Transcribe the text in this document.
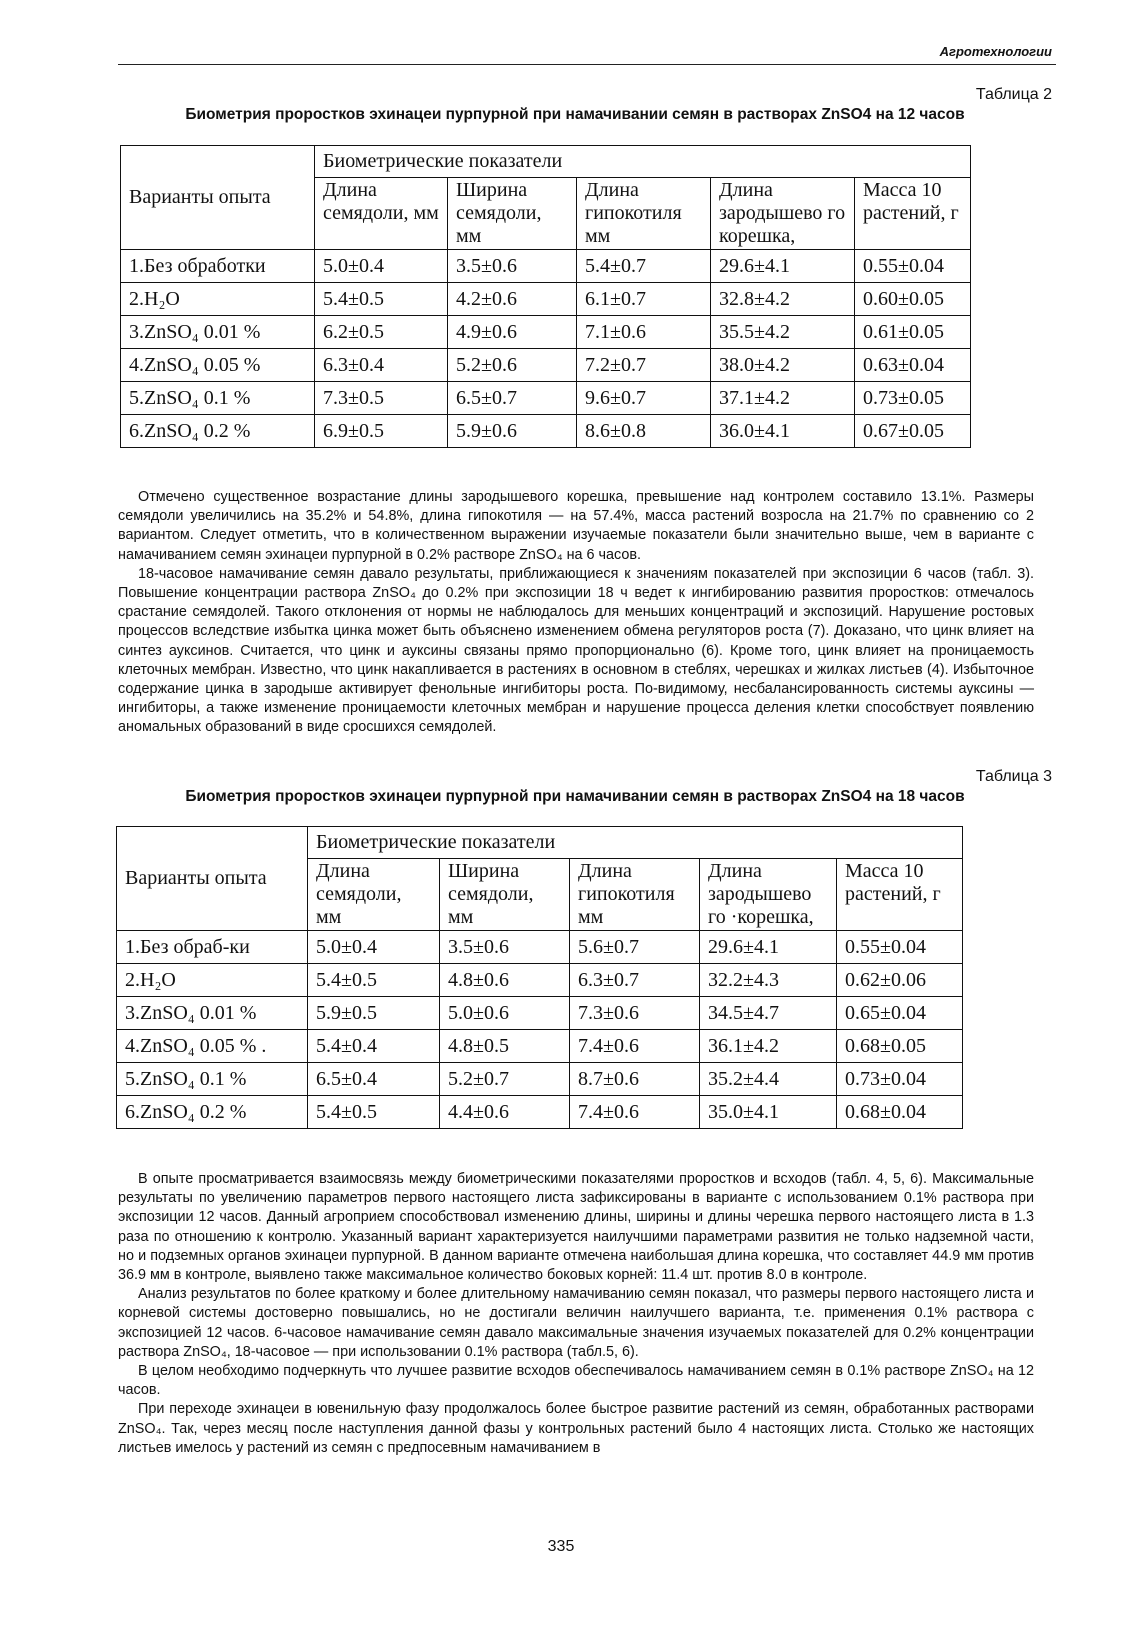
Агротехнологии
Таблица 2
Биометрия проростков эхинацеи пурпурной при намачивании семян в растворах ZnSO4 на 12 часов
Варианты опыта	Биометрические показатели				
	Длина семядоли, мм	Ширина семядоли, мм	Длина гипокотиля мм	Длина зародышево го корешка,	Масса 10 растений, г
1.Без обработки	5.0±0.4	3.5±0.6	5.4±0.7	29.6±4.1	0.55±0.04
2.H₂O	5.4±0.5	4.2±0.6	6.1±0.7	32.8±4.2	0.60±0.05
3.ZnSO₄ 0.01 %	6.2±0.5	4.9±0.6	7.1±0.6	35.5±4.2	0.61±0.05
4.ZnSO₄ 0.05 %	6.3±0.4	5.2±0.6	7.2±0.7	38.0±4.2	0.63±0.04
5.ZnSO₄ 0.1 %	7.3±0.5	6.5±0.7	9.6±0.7	37.1±4.2	0.73±0.05
6.ZnSO₄ 0.2 %	6.9±0.5	5.9±0.6	8.6±0.8	36.0±4.1	0.67±0.05

Отмечено существенное возрастание длины зародышевого корешка, превышение над контролем составило 13.1%. Размеры семядоли увеличились на 35.2% и 54.8%, длина гипокотиля — на 57.4%, масса растений возросла на 21.7% по сравнению со 2 вариантом. Следует отметить, что в количественном выражении изучаемые показатели были значительно выше, чем в варианте с намачиванием семян эхинацеи пурпурной в 0.2% растворе ZnSO₄ на 6 часов.

18-часовое намачивание семян давало результаты, приближающиеся к значениям показателей при экспозиции 6 часов (табл. 3). Повышение концентрации раствора ZnSO₄ до 0.2% при экспозиции 18 ч ведет к ингибированию развития проростков: отмечалось срастание семядолей. Такого отклонения от нормы не наблюдалось для меньших концентраций и экспозиций. Нарушение ростовых процессов вследствие избытка цинка может быть объяснено изменением обмена регуляторов роста (7). Доказано, что цинк влияет на синтез ауксинов. Считается, что цинк и ауксины связаны прямо пропорционально (6). Кроме того, цинк влияет на проницаемость клеточных мембран. Известно, что цинк накапливается в растениях в основном в стеблях, черешках и жилках листьев (4). Избыточное содержание цинка в зародыше активирует фенольные ингибиторы роста. По-видимому, несбалансированность системы ауксины — ингибиторы, а также изменение проницаемости клеточных мембран и нарушение процесса деления клетки способствует появлению аномальных образований в виде сросшихся семядолей.

Таблица 3
Биометрия проростков эхинацеи пурпурной при намачивании семян в растворах ZnSO4 на 18 часов
Варианты опыта	Биометрические показатели				
	Длина семядоли, мм	Ширина семядоли, мм	Длина гипокотиля мм	Длина зародышево го ·корешка,	Масса 10 растений, г
1.Без обраб-ки	5.0±0.4	3.5±0.6	5.6±0.7	29.6±4.1	0.55±0.04
2.H₂O	5.4±0.5	4.8±0.6	6.3±0.7	32.2±4.3	0.62±0.06
3.ZnSO₄ 0.01 %	5.9±0.5	5.0±0.6	7.3±0.6	34.5±4.7	0.65±0.04
4.ZnSO₄ 0.05 % .	5.4±0.4	4.8±0.5	7.4±0.6	36.1±4.2	0.68±0.05
5.ZnSO₄ 0.1 %	6.5±0.4	5.2±0.7	8.7±0.6	35.2±4.4	0.73±0.04
6.ZnSO₄ 0.2 %	5.4±0.5	4.4±0.6	7.4±0.6	35.0±4.1	0.68±0.04

В опыте просматривается взаимосвязь между биометрическими показателями проростков и всходов (табл. 4, 5, 6). Максимальные результаты по увеличению параметров первого настоящего листа зафиксированы в варианте с использованием 0.1% раствора при экспозиции 12 часов. Данный агроприем способствовал изменению длины, ширины и длины черешка первого настоящего листа в 1.3 раза по отношению к контролю. Указанный вариант характеризуется наилучшими параметрами развития не только надземной части, но и подземных органов эхинацеи пурпурной. В данном варианте отмечена наибольшая длина корешка, что составляет 44.9 мм против 36.9 мм в контроле, выявлено также максимальное количество боковых корней: 11.4 шт. против 8.0 в контроле.

Анализ результатов по более краткому и более длительному намачиванию семян показал, что размеры первого настоящего листа и корневой системы достоверно повышались, но не достигали величин наилучшего варианта, т.е. применения 0.1% раствора с экспозицией 12 часов. 6-часовое намачивание семян давало максимальные значения изучаемых показателей для 0.2% концентрации раствора ZnSO₄, 18-часовое — при использовании 0.1% раствора (табл.5, 6).

В целом необходимо подчеркнуть что лучшее развитие всходов обеспечивалось намачиванием семян в 0.1% растворе ZnSO₄ на 12 часов.

При переходе эхинацеи в ювенильную фазу продолжалось более быстрое развитие растений из семян, обработанных растворами ZnSO₄. Так, через месяц после наступления данной фазы у контрольных растений было 4 настоящих листа. Столько же настоящих листьев имелось у растений из семян с предпосевным намачиванием в

335
